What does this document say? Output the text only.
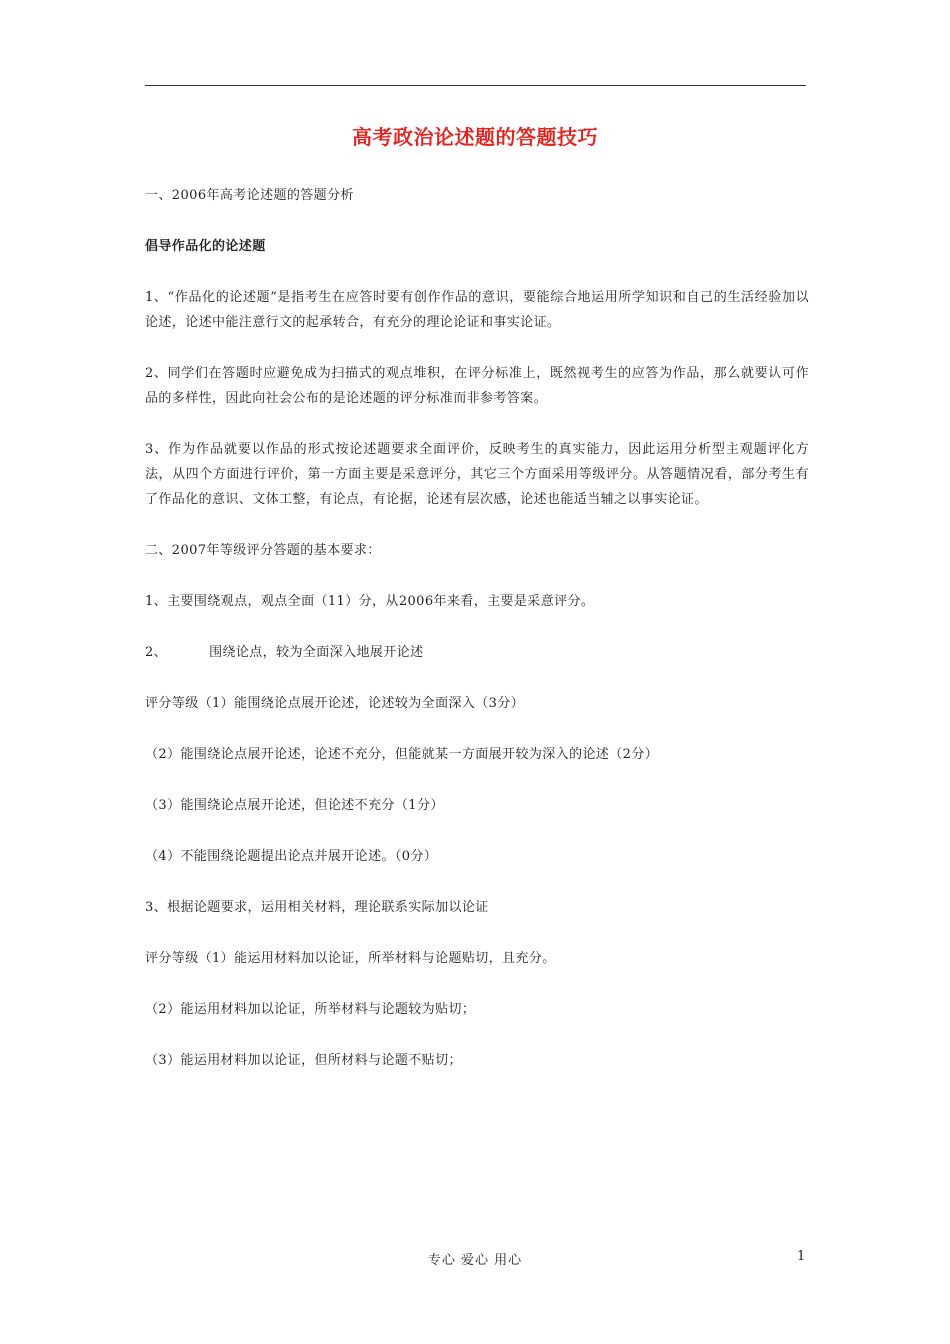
高考政治论述题的答题技巧

一、2006年高考论述题的答题分析

倡导作品化的论述题

1、“作品化的论述题”是指考生在应答时要有创作作品的意识，要能综合地运用所学知识和自己的生活经验加以论述，论述中能注意行文的起承转合，有充分的理论论证和事实论证。

2、同学们在答题时应避免成为扫描式的观点堆积，在评分标准上，既然视考生的应答为作品，那么就要认可作品的多样性，因此向社会公布的是论述题的评分标准而非参考答案。

3、作为作品就要以作品的形式按论述题要求全面评价，反映考生的真实能力，因此运用分析型主观题评化方法，从四个方面进行评价，第一方面主要是采意评分，其它三个方面采用等级评分。从答题情况看，部分考生有了作品化的意识、文体工整，有论点，有论据，论述有层次感，论述也能适当辅之以事实论证。

二、2007年等级评分答题的基本要求：

1、主要围绕观点，观点全面（11）分，从2006年来看，主要是采意评分。

2、	围绕论点，较为全面深入地展开论述

评分等级（1）能围绕论点展开论述，论述较为全面深入（3分）

（2）能围绕论点展开论述，论述不充分，但能就某一方面展开较为深入的论述（2分）

（3）能围绕论点展开论述，但论述不充分（1分）

（4）不能围绕论题提出论点并展开论述。（0分）

3、根据论题要求，运用相关材料，理论联系实际加以论证

评分等级（1）能运用材料加以论证，所举材料与论题贴切，且充分。

（2）能运用材料加以论证，所举材料与论题较为贴切；

（3）能运用材料加以论证，但所材料与论题不贴切；

专心 爱心 用心	1
